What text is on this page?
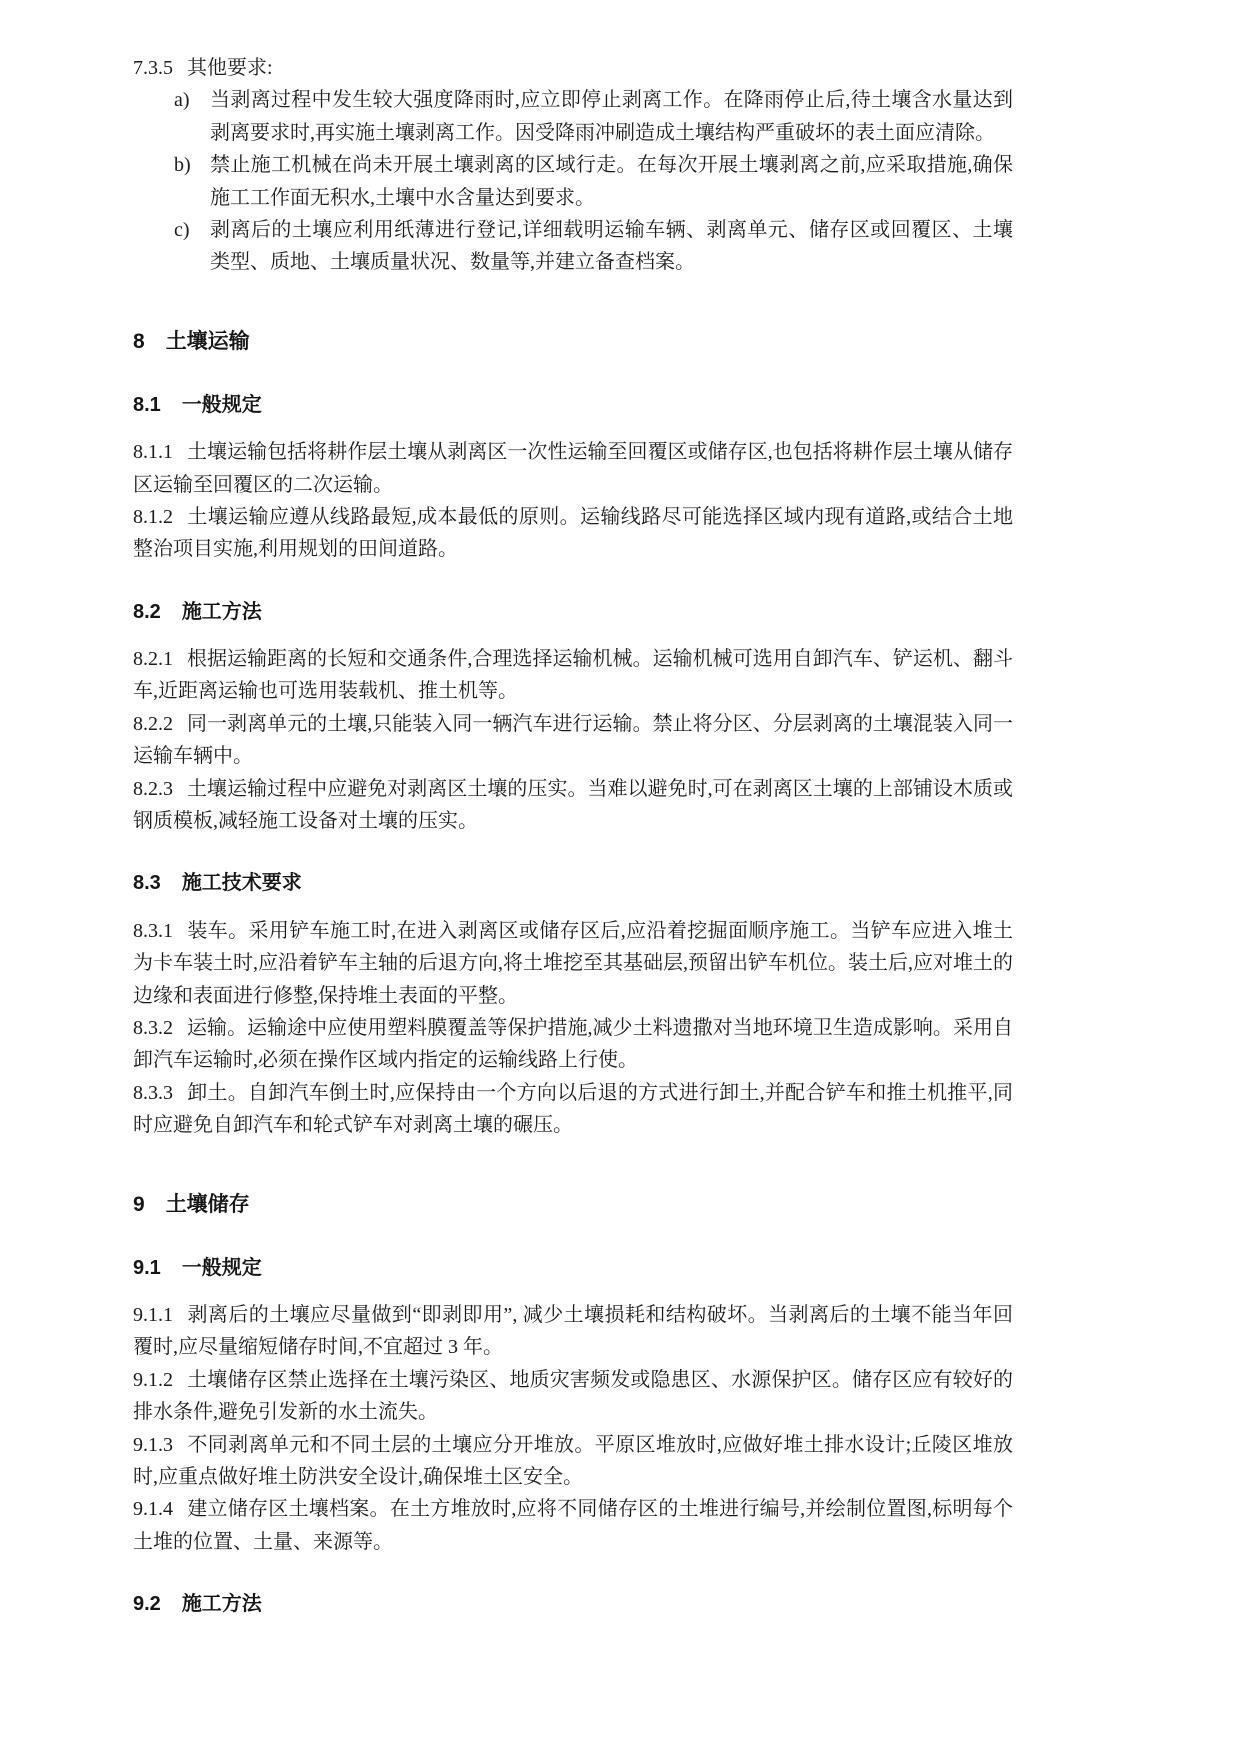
7.3.5 其他要求:

a)	当剥离过程中发生较大强度降雨时,应立即停止剥离工作。在降雨停止后,待土壤含水量达到剥离要求时,再实施土壤剥离工作。因受降雨冲刷造成土壤结构严重破坏的表土面应清除。
b) 禁止施工机械在尚未开展土壤剥离的区域行走。在每次开展土壤剥离之前,应采取措施,确保施工工作面无积水,土壤中水含量达到要求。
c)	剥离后的土壤应利用纸薄进行登记,详细载明运输车辆、剥离单元、储存区或回覆区、土壤类型、质地、土壤质量状况、数量等,并建立备查档案。
8 土壤运输
8.1 一般规定

8.1.1 土壤运输包括将耕作层土壤从剥离区一次性运输至回覆区或储存区,也包括将耕作层土壤从储存区运输至回覆区的二次运输。

8.1.2 土壤运输应遵从线路最短,成本最低的原则。运输线路尽可能选择区域内现有道路,或结合土地整治项目实施,利用规划的田间道路。

8.2 施工方法

8.2.1 根据运输距离的长短和交通条件,合理选择运输机械。运输机械可选用自卸汽车、铲运机、翻斗车,近距离运输也可选用装载机、推土机等。

8.2.2 同一剥离单元的土壤,只能装入同一辆汽车进行运输。禁止将分区、分层剥离的土壤混装入同一运输车辆中。

8.2.3 土壤运输过程中应避免对剥离区土壤的压实。当难以避免时,可在剥离区土壤的上部铺设木质或钢质模板,减轻施工设备对土壤的压实。

8.3 施工技术要求

8.3.1 装车。采用铲车施工时,在进入剥离区或储存区后,应沿着挖掘面顺序施工。当铲车应进入堆土为卡车装土时,应沿着铲车主轴的后退方向,将土堆挖至其基础层,预留出铲车机位。装土后,应对堆土的边缘和表面进行修整,保持堆土表面的平整。

8.3.2 运输。运输途中应使用塑料膜覆盖等保护措施,减少土料遗撒对当地环境卫生造成影响。采用自卸汽车运输时,必须在操作区域内指定的运输线路上行使。

8.3.3 卸土。自卸汽车倒土时,应保持由一个方向以后退的方式进行卸土,并配合铲车和推土机推平,同时应避免自卸汽车和轮式铲车对剥离土壤的碾压。

9 土壤储存
9.1 一般规定

9.1.1 剥离后的土壤应尽量做到“即剥即用”, 减少土壤损耗和结构破坏。当剥离后的土壤不能当年回覆时,应尽量缩短储存时间,不宜超过 3 年。

9.1.2 土壤储存区禁止选择在土壤污染区、地质灾害频发或隐患区、水源保护区。储存区应有较好的排水条件,避免引发新的水土流失。

9.1.3 不同剥离单元和不同土层的土壤应分开堆放。平原区堆放时,应做好堆土排水设计;丘陵区堆放时,应重点做好堆土防洪安全设计,确保堆土区安全。

9.1.4 建立储存区土壤档案。在土方堆放时,应将不同储存区的土堆进行编号,并绘制位置图,标明每个土堆的位置、土量、来源等。

9.2 施工方法
